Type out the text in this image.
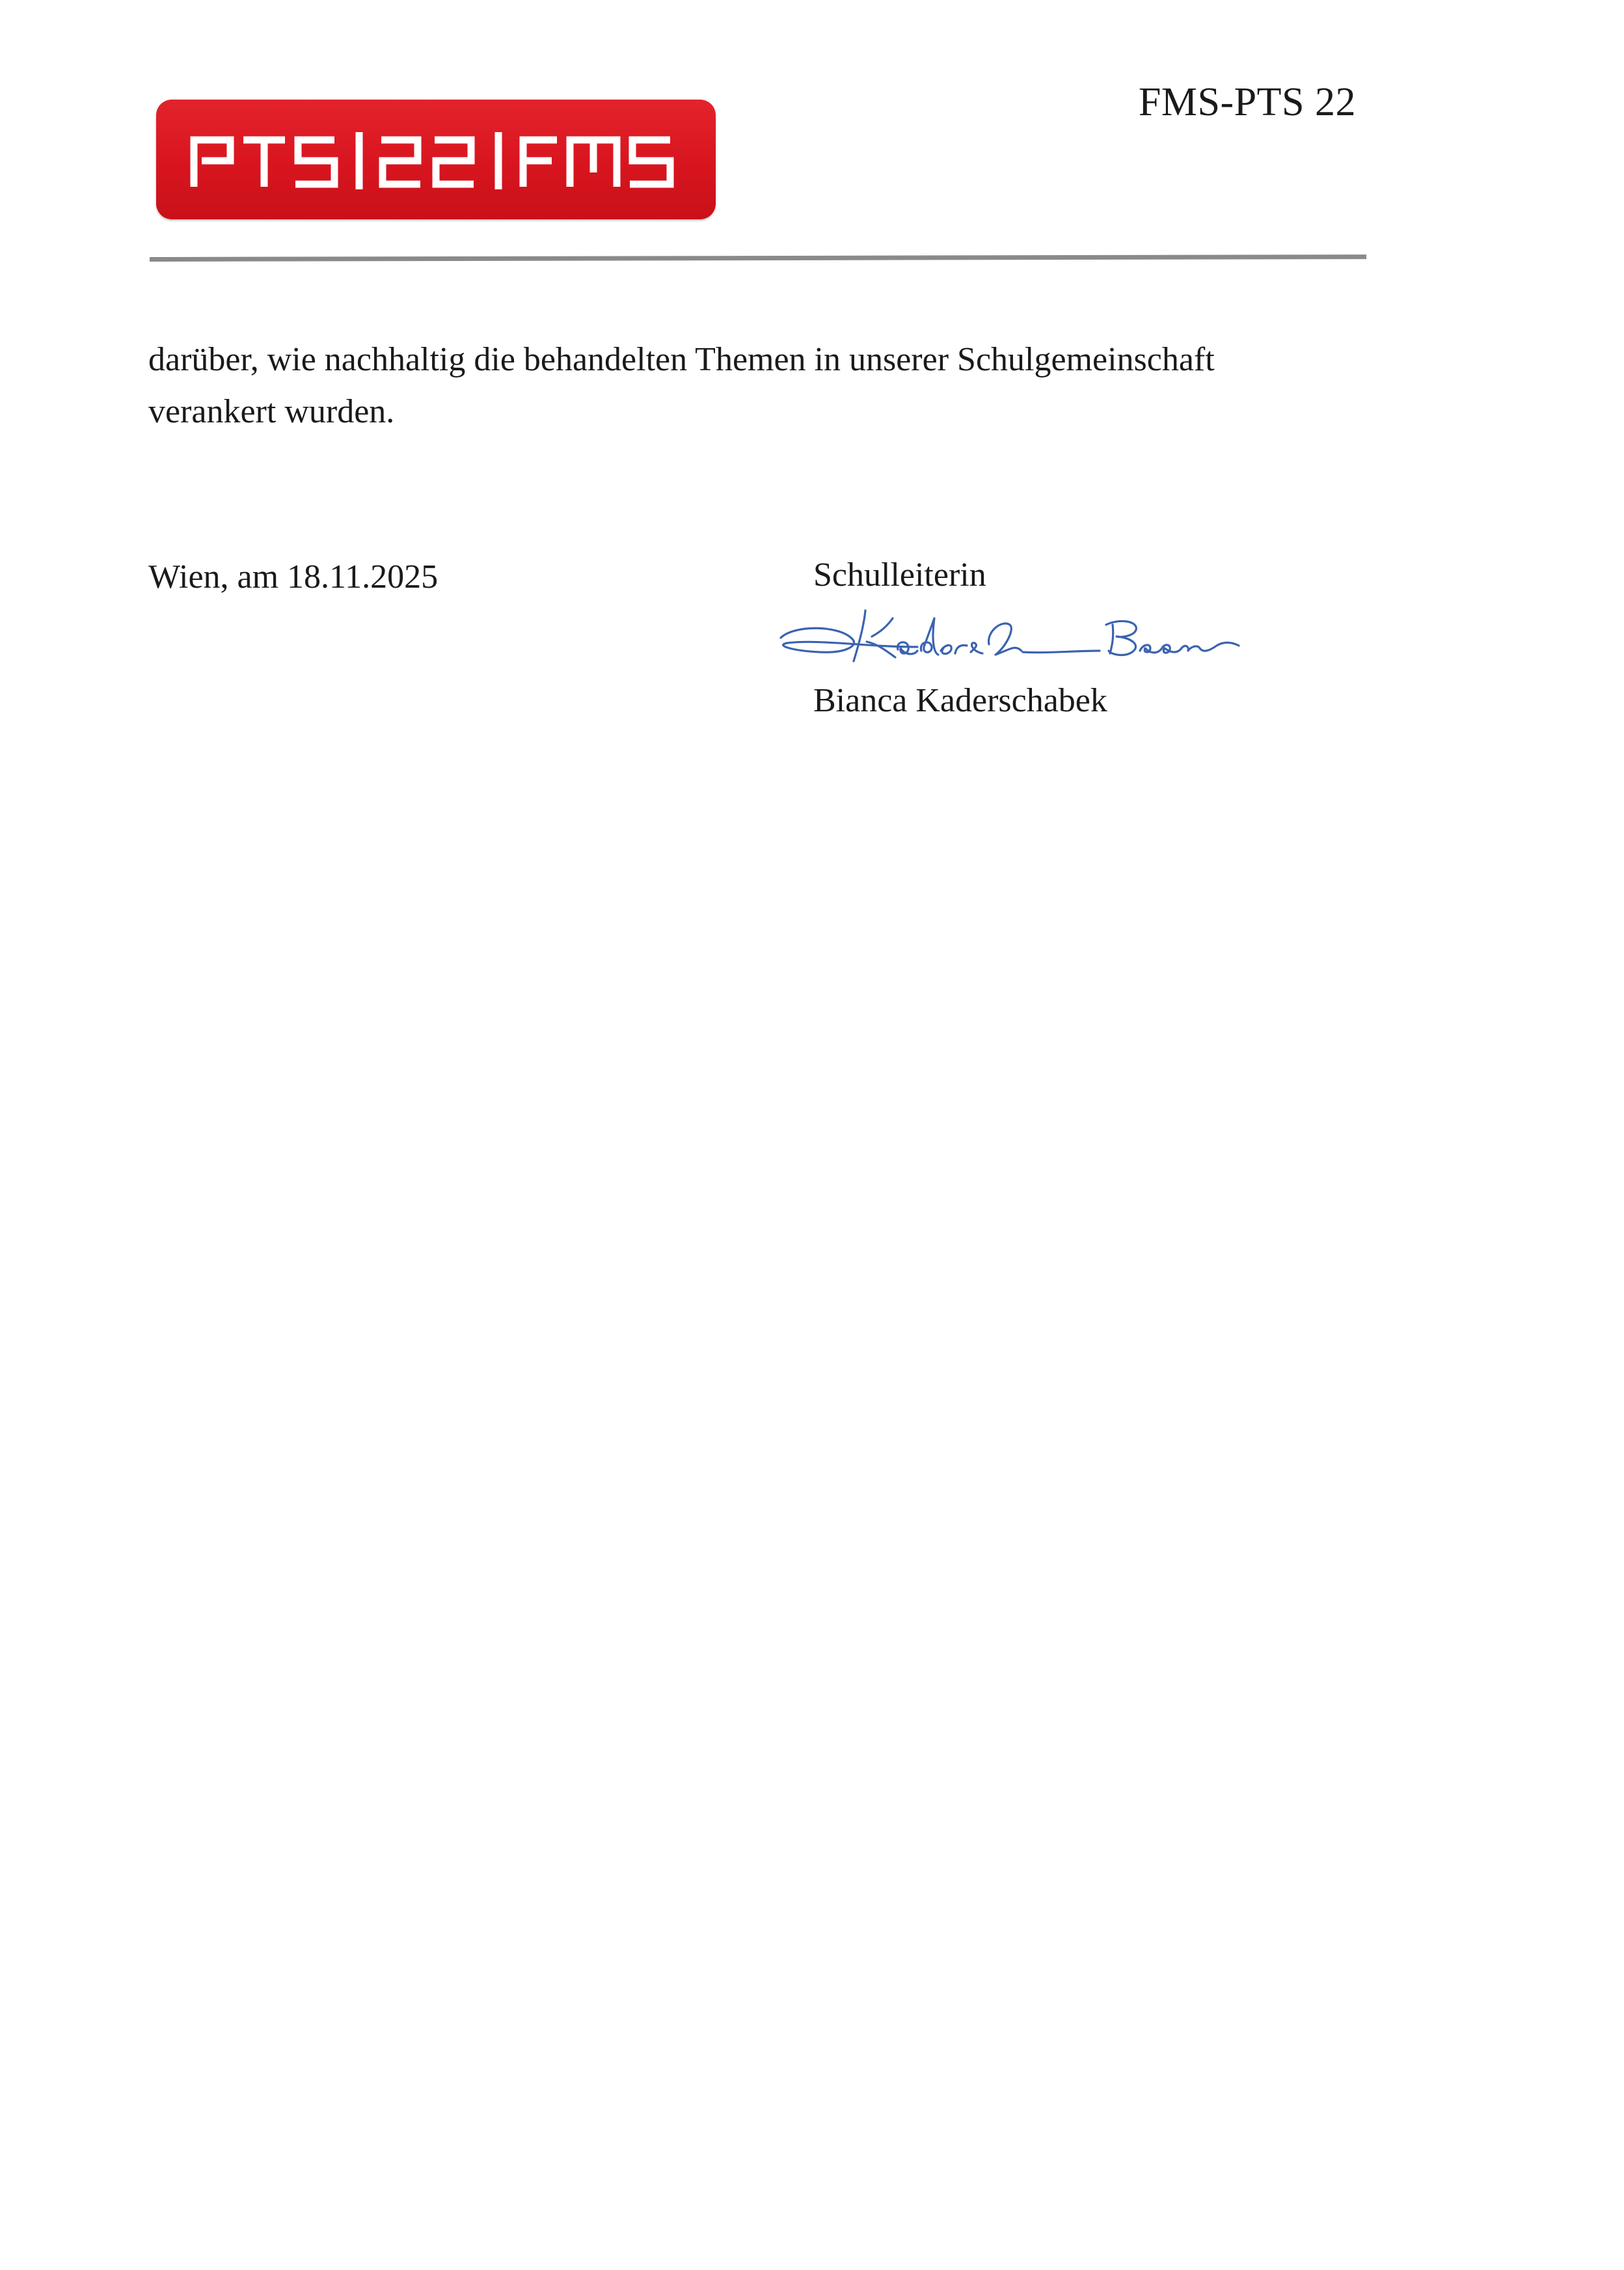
FMS-PTS 22

darüber, wie nachhaltig die behandelten Themen in unserer Schulgemeinschaft

verankert wurden.

Wien, am 18.11.2025	Schulleiterin
Bianca Kaderschabek
